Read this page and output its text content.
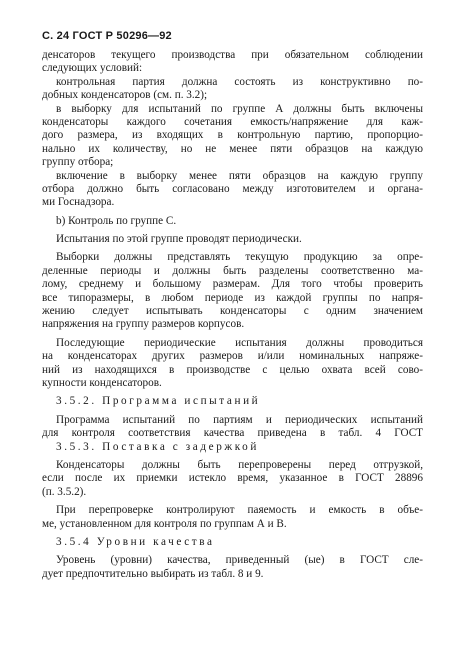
С. 24 ГОСТ Р 50296—92
денсаторов текущего производства при обязательном соблюдении
следующих условий:
контрольная партия должна состоять из конструктивно по-
добных конденсаторов (см. п. 3.2);
в выборку для испытаний по группе А должны быть включены
конденсаторы каждого сочетания емкость/напряжение для каж-
дого размера, из входящих в контрольную партию, пропорцио-
нально их количеству, но не менее пяти образцов на каждую
группу отбора;
включение в выборку менее пяти образцов на каждую группу
отбора должно быть согласовано между изготовителем и органа-
ми Госнадзора.
b) Контроль по группе С.
Испытания по этой группе проводят периодически.
Выборки должны представлять текущую продукцию за опре-
деленные периоды и должны быть разделены соответственно ма-
лому, среднему и большому размерам. Для того чтобы проверить
все типоразмеры, в любом периоде из каждой группы по напря-
жению следует испытывать конденсаторы с одним значением
напряжения на группу размеров корпусов.
Последующие периодические испытания должны проводиться
на конденсаторах других размеров и/или номинальных напряже-
ний из находящихся в производстве с целью охвата всей сово-
купности конденсаторов.
3.5.2. Программа испытаний
Программа испытаний по партиям и периодических испытаний
для контроля соответствия качества приведена в табл. 4 ГОСТ
3.5.3. Поставка с задержкой
Конденсаторы должны быть перепроверены перед отгрузкой,
если после их приемки истекло время, указанное в ГОСТ 28896
(п. 3.5.2).
При перепроверке контролируют паяемость и емкость в объе-
ме, установленном для контроля по группам А и В.
3.5.4 Уровни качества
Уровень (уровни) качества, приведенный (ые) в ГОСТ сле-
дует предпочтительно выбирать из табл. 8 и 9.
